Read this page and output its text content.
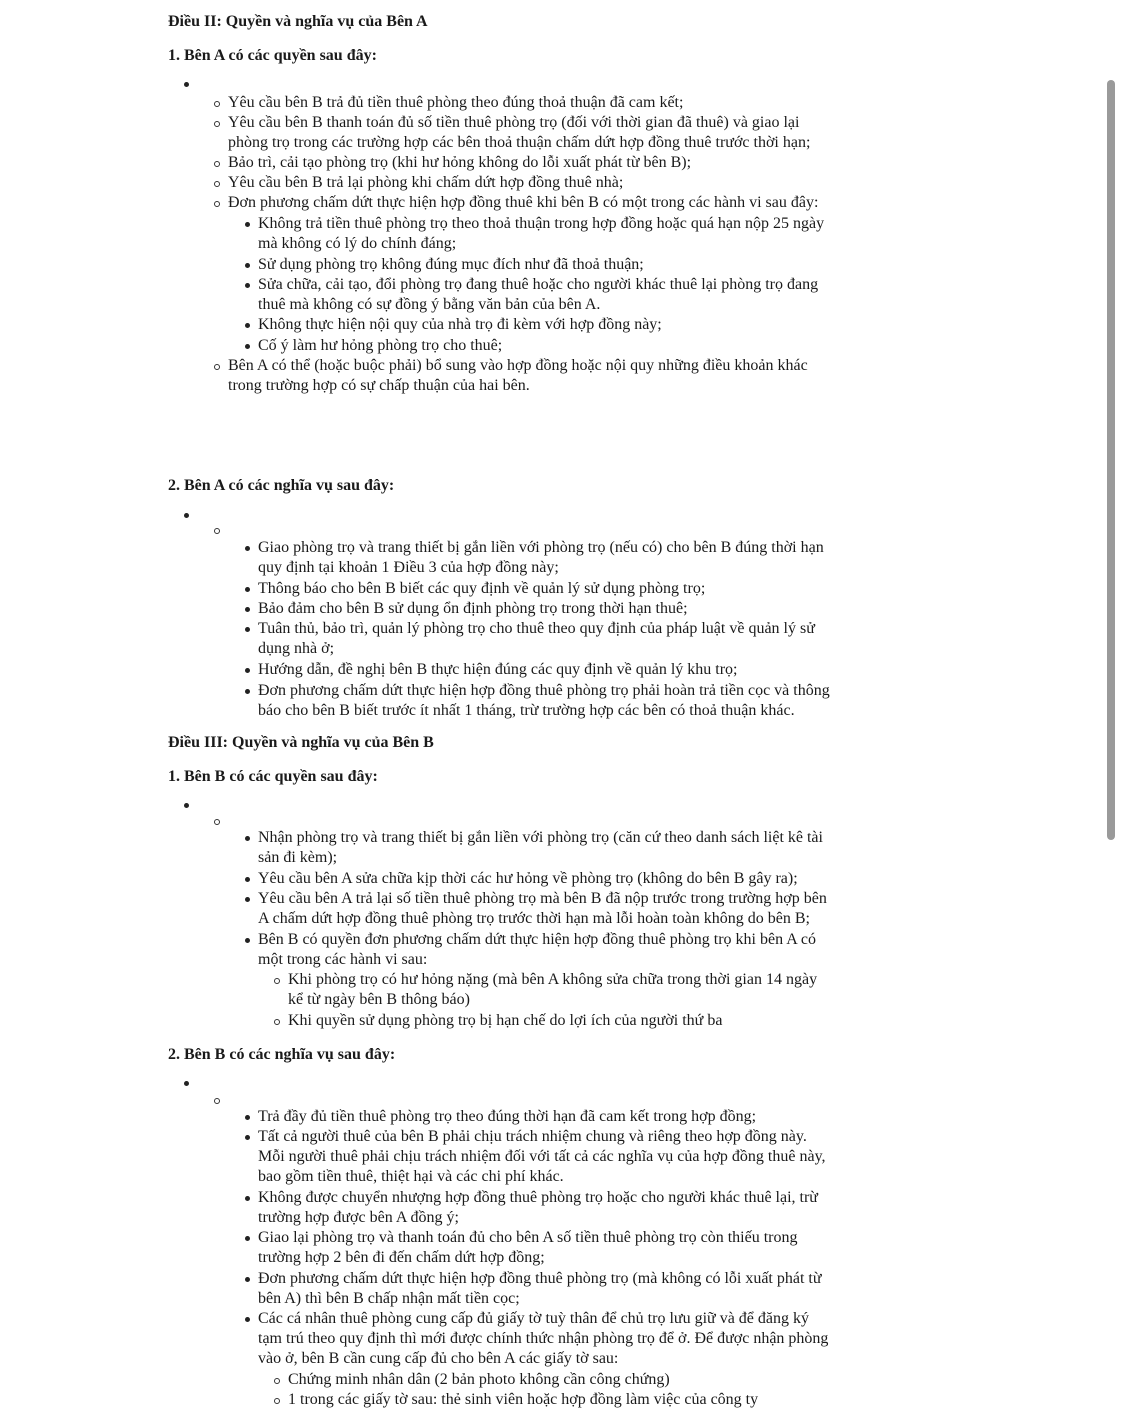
Điều II: Quyền và nghĩa vụ của Bên A
1. Bên A có các quyền sau đây:
Yêu cầu bên B trả đủ tiền thuê phòng theo đúng thoả thuận đã cam kết;
Yêu cầu bên B thanh toán đủ số tiền thuê phòng trọ (đối với thời gian đã thuê) và giao lại
phòng trọ trong các trường hợp các bên thoả thuận chấm dứt hợp đồng thuê trước thời hạn;
Bảo trì, cải tạo phòng trọ (khi hư hỏng không do lỗi xuất phát từ bên B);
Yêu cầu bên B trả lại phòng khi chấm dứt hợp đồng thuê nhà;
Đơn phương chấm dứt thực hiện hợp đồng thuê khi bên B có một trong các hành vi sau đây:
Không trả tiền thuê phòng trọ theo thoả thuận trong hợp đồng hoặc quá hạn nộp 25 ngày
mà không có lý do chính đáng;
Sử dụng phòng trọ không đúng mục đích như đã thoả thuận;
Sửa chữa, cải tạo, đổi phòng trọ đang thuê hoặc cho người khác thuê lại phòng trọ đang
thuê mà không có sự đồng ý bằng văn bản của bên A.
Không thực hiện nội quy của nhà trọ đi kèm với hợp đồng này;
Cố ý làm hư hỏng phòng trọ cho thuê;
Bên A có thể (hoặc buộc phải) bổ sung vào hợp đồng hoặc nội quy những điều khoản khác
trong trường hợp có sự chấp thuận của hai bên.
2. Bên A có các nghĩa vụ sau đây:
Giao phòng trọ và trang thiết bị gắn liền với phòng trọ (nếu có) cho bên B đúng thời hạn
quy định tại khoản 1 Điều 3 của hợp đồng này;
Thông báo cho bên B biết các quy định về quản lý sử dụng phòng trọ;
Bảo đảm cho bên B sử dụng ổn định phòng trọ trong thời hạn thuê;
Tuân thủ, bảo trì, quản lý phòng trọ cho thuê theo quy định của pháp luật về quản lý sử
dụng nhà ở;
Hướng dẫn, đề nghị bên B thực hiện đúng các quy định về quản lý khu trọ;
Đơn phương chấm dứt thực hiện hợp đồng thuê phòng trọ phải hoàn trả tiền cọc và thông
báo cho bên B biết trước ít nhất 1 tháng, trừ trường hợp các bên có thoả thuận khác.
Điều III: Quyền và nghĩa vụ của Bên B
1. Bên B có các quyền sau đây:
Nhận phòng trọ và trang thiết bị gắn liền với phòng trọ (căn cứ theo danh sách liệt kê tài
sản đi kèm);
Yêu cầu bên A sửa chữa kịp thời các hư hỏng về phòng trọ (không do bên B gây ra);
Yêu cầu bên A trả lại số tiền thuê phòng trọ mà bên B đã nộp trước trong trường hợp bên
A chấm dứt hợp đồng thuê phòng trọ trước thời hạn mà lỗi hoàn toàn không do bên B;
Bên B có quyền đơn phương chấm dứt thực hiện hợp đồng thuê phòng trọ khi bên A có
một trong các hành vi sau:
Khi phòng trọ có hư hỏng nặng (mà bên A không sửa chữa trong thời gian 14 ngày
kể từ ngày bên B thông báo)
Khi quyền sử dụng phòng trọ bị hạn chế do lợi ích của người thứ ba
2. Bên B có các nghĩa vụ sau đây:
Trả đầy đủ tiền thuê phòng trọ theo đúng thời hạn đã cam kết trong hợp đồng;
Tất cả người thuê của bên B phải chịu trách nhiệm chung và riêng theo hợp đồng này.
Mỗi người thuê phải chịu trách nhiệm đối với tất cả các nghĩa vụ của hợp đồng thuê này,
bao gồm tiền thuê, thiệt hại và các chi phí khác.
Không được chuyển nhượng hợp đồng thuê phòng trọ hoặc cho người khác thuê lại, trừ
trường hợp được bên A đồng ý;
Giao lại phòng trọ và thanh toán đủ cho bên A số tiền thuê phòng trọ còn thiếu trong
trường hợp 2 bên đi đến chấm dứt hợp đồng;
Đơn phương chấm dứt thực hiện hợp đồng thuê phòng trọ (mà không có lỗi xuất phát từ
bên A) thì bên B chấp nhận mất tiền cọc;
Các cá nhân thuê phòng cung cấp đủ giấy tờ tuỳ thân để chủ trọ lưu giữ và để đăng ký
tạm trú theo quy định thì mới được chính thức nhận phòng trọ để ở. Để được nhận phòng
vào ở, bên B cần cung cấp đủ cho bên A các giấy tờ sau:
Chứng minh nhân dân (2 bản photo không cần công chứng)
1 trong các giấy tờ sau: thẻ sinh viên hoặc hợp đồng làm việc của công ty
